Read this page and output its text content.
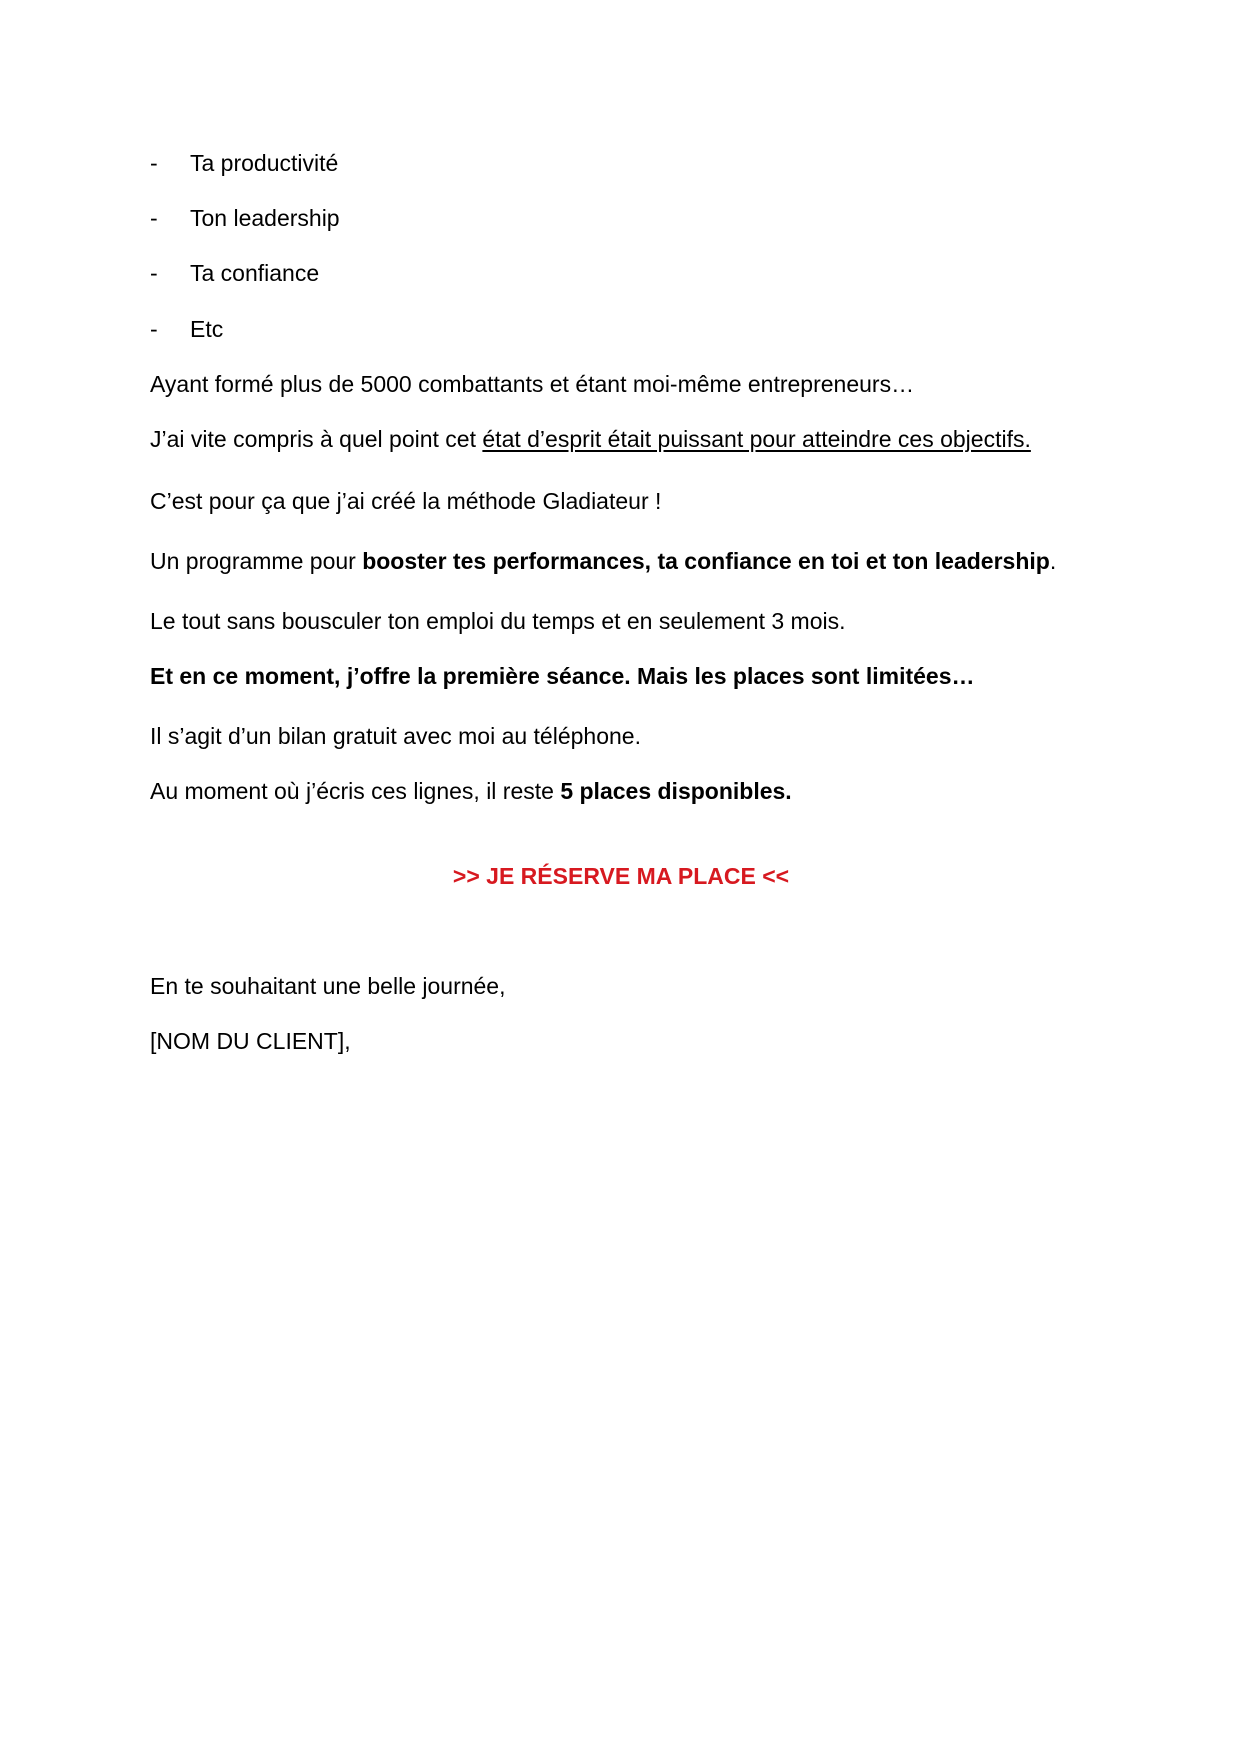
- Ta productivité
- Ton leadership
- Ta confiance
- Etc
Ayant formé plus de 5000 combattants et étant moi-même entrepreneurs…
J’ai vite compris à quel point cet état d’esprit était puissant pour atteindre ces objectifs.
C’est pour ça que j’ai créé la méthode Gladiateur !
Un programme pour booster tes performances, ta confiance en toi et ton leadership.
Le tout sans bousculer ton emploi du temps et en seulement 3 mois.
Et en ce moment, j’offre la première séance. Mais les places sont limitées…
Il s’agit d’un bilan gratuit avec moi au téléphone.
Au moment où j’écris ces lignes, il reste 5 places disponibles.
>> JE RÉSERVE MA PLACE <<
En te souhaitant une belle journée,
[NOM DU CLIENT],
